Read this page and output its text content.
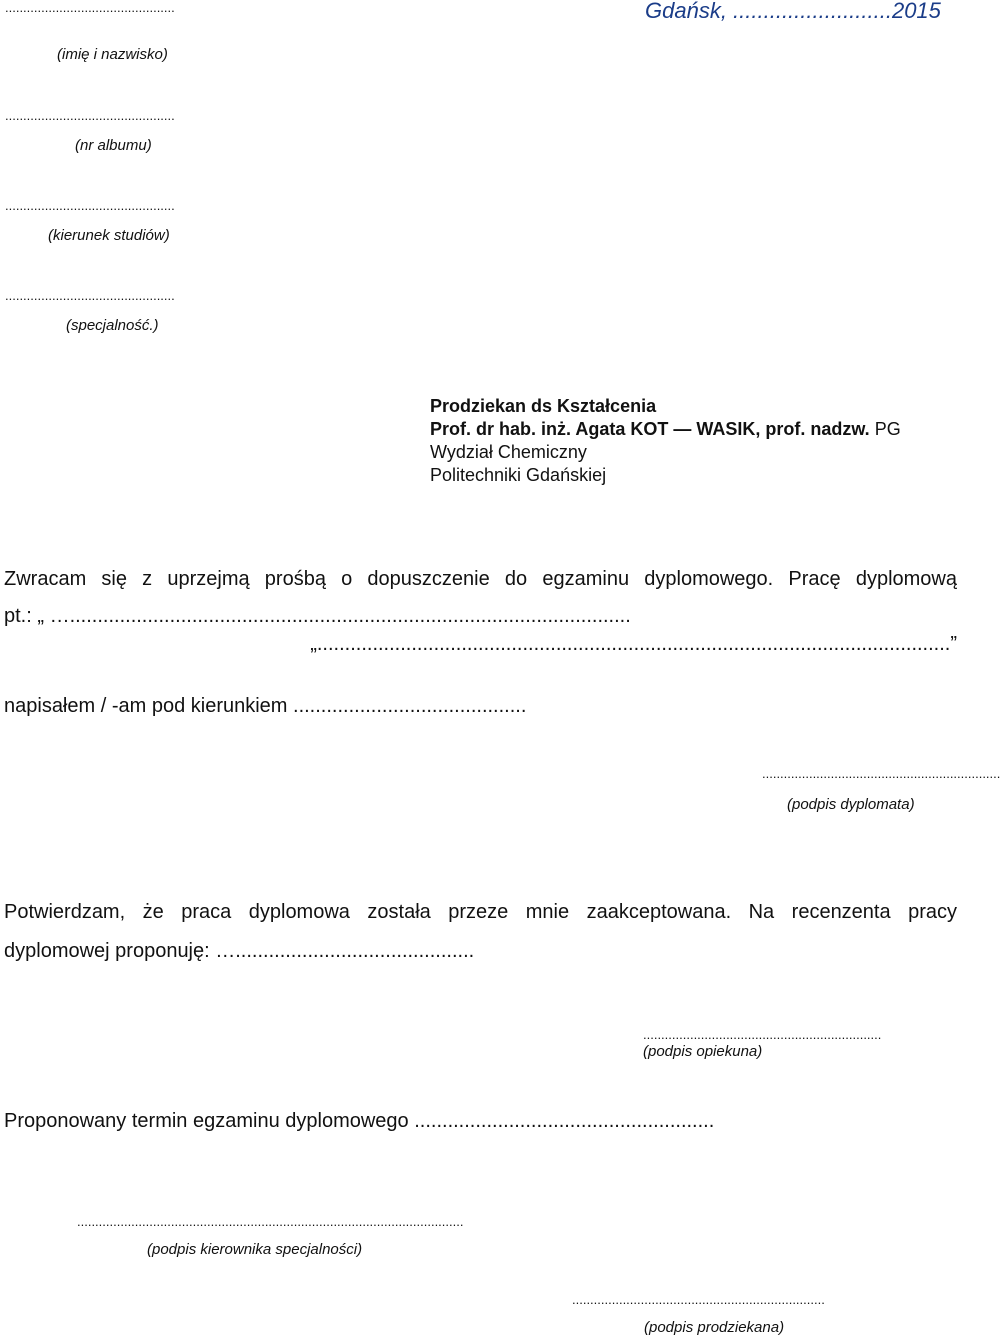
...............................................
(imię i nazwisko)
...............................................
(nr albumu)
...............................................
(kierunek studiów)
...............................................
(specjalność.)
Gdańsk, ..........................2015
Prodziekan ds Kształcenia
Prof. dr hab. inż. Agata KOT — WASIK, prof. nadzw. PG
Wydział Chemiczny
Politechniki Gdańskiej
Zwracam się z uprzejmą prośbą o dopuszczenie do egzaminu dyplomowego. Pracę dyplomową
pt.: „ ….....................................................................................................
„..................................................................................................................”
napisałem / -am pod kierunkiem ..........................................
..................................................................
(podpis dyplomata)
Potwierdzam, że praca dyplomowa została przeze mnie zaakceptowana. Na recenzenta pracy
dyplomowej proponuję: …...........................................
..................................................................
(podpis opiekuna)
Proponowany termin egzaminu dyplomowego ......................................................
...........................................................................................................
(podpis kierownika specjalności)
......................................................................
(podpis prodziekana)
